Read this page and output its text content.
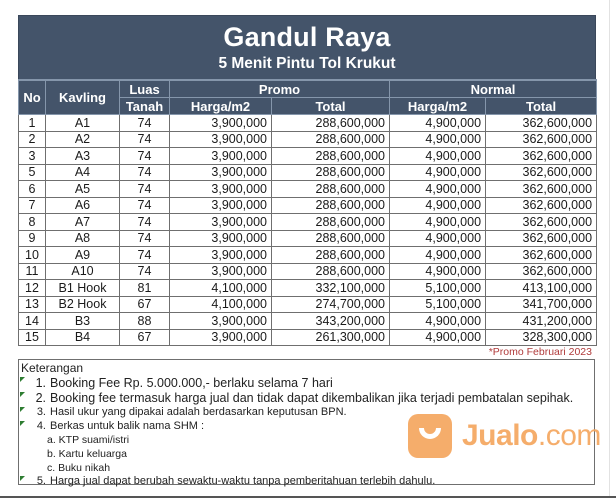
Gandul Raya
5 Menit Pintu Tol Krukut
No	Kavling	Luas	Promo		Normal	
		Tanah	Harga/m2	Total	Harga/m2	Total
1	A1	74	3,900,000	288,600,000	4,900,000	362,600,000
2	A2	74	3,900,000	288,600,000	4,900,000	362,600,000
3	A3	74	3,900,000	288,600,000	4,900,000	362,600,000
5	A4	74	3,900,000	288,600,000	4,900,000	362,600,000
6	A5	74	3,900,000	288,600,000	4,900,000	362,600,000
7	A6	74	3,900,000	288,600,000	4,900,000	362,600,000
8	A7	74	3,900,000	288,600,000	4,900,000	362,600,000
9	A8	74	3,900,000	288,600,000	4,900,000	362,600,000
10	A9	74	3,900,000	288,600,000	4,900,000	362,600,000
11	A10	74	3,900,000	288,600,000	4,900,000	362,600,000
12	B1 Hook	81	4,100,000	332,100,000	5,100,000	413,100,000
13	B2 Hook	67	4,100,000	274,700,000	5,100,000	341,700,000
14	B3	88	3,900,000	343,200,000	4,900,000	431,200,000
15	B4	67	3,900,000	261,300,000	4,900,000	328,300,000
*Promo Februari 2023
Keterangan
1. Booking Fee Rp. 5.000.000,- berlaku selama 7 hari
2. Booking fee termasuk harga jual dan tidak dapat dikembalikan jika terjadi pembatalan sepihak.
3. Hasil ukur yang dipakai adalah berdasarkan keputusan BPN.
4. Berkas untuk balik nama SHM :
a. KTP suami/istri
b. Kartu keluarga
c. Buku nikah
5. Harga jual dapat berubah sewaktu-waktu tanpa pemberitahuan terlebih dahulu.
Jualo.com
